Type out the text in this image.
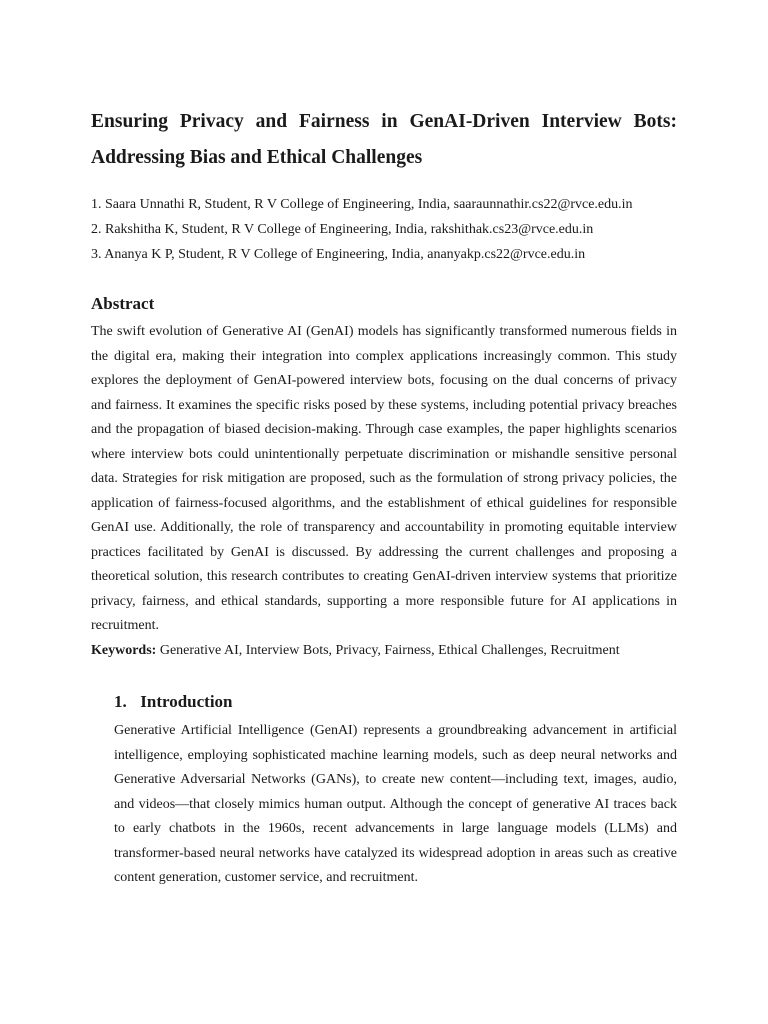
Ensuring Privacy and Fairness in GenAI-Driven Interview Bots: Addressing Bias and Ethical Challenges
1. Saara Unnathi R, Student, R V College of Engineering, India, saaraunnathir.cs22@rvce.edu.in
2. Rakshitha K, Student, R V College of Engineering, India, rakshithak.cs23@rvce.edu.in
3. Ananya K P, Student, R V College of Engineering, India, ananyakp.cs22@rvce.edu.in
Abstract

The swift evolution of Generative AI (GenAI) models has significantly transformed numerous fields in the digital era, making their integration into complex applications increasingly common. This study explores the deployment of GenAI-powered interview bots, focusing on the dual concerns of privacy and fairness. It examines the specific risks posed by these systems, including potential privacy breaches and the propagation of biased decision-making. Through case examples, the paper highlights scenarios where interview bots could unintentionally perpetuate discrimination or mishandle sensitive personal data. Strategies for risk mitigation are proposed, such as the formulation of strong privacy policies, the application of fairness-focused algorithms, and the establishment of ethical guidelines for responsible GenAI use. Additionally, the role of transparency and accountability in promoting equitable interview practices facilitated by GenAI is discussed. By addressing the current challenges and proposing a theoretical solution, this research contributes to creating GenAI-driven interview systems that prioritize privacy, fairness, and ethical standards, supporting a more responsible future for AI applications in recruitment.

Keywords: Generative AI, Interview Bots, Privacy, Fairness, Ethical Challenges, Recruitment

1. Introduction

Generative Artificial Intelligence (GenAI) represents a groundbreaking advancement in artificial intelligence, employing sophisticated machine learning models, such as deep neural networks and Generative Adversarial Networks (GANs), to create new content—including text, images, audio, and videos—that closely mimics human output. Although the concept of generative AI traces back to early chatbots in the 1960s, recent advancements in large language models (LLMs) and transformer-based neural networks have catalyzed its widespread adoption in areas such as creative content generation, customer service, and recruitment.
